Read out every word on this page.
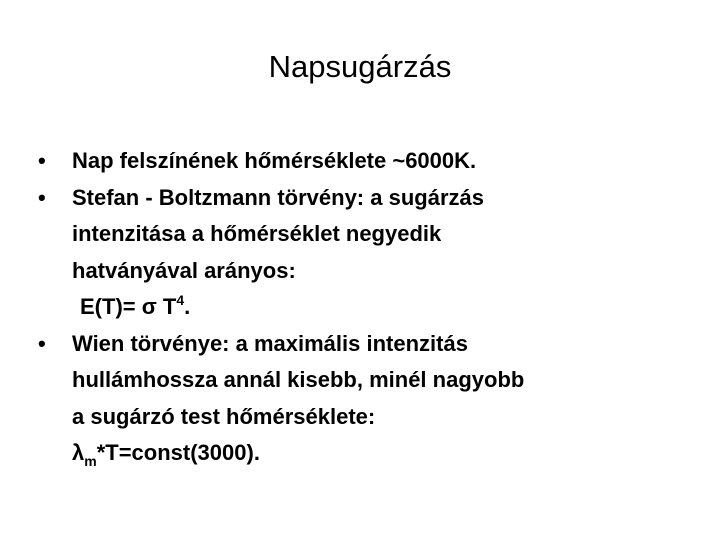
Napsugárzás
•	Nap felszínének hőmérséklete ~6000K.
•	Stefan - Boltzmann törvény: a sugárzás
intenzitása a hőmérséklet negyedik
hatványával arányos:
E(T)= σ $T^4$.
•	Wien törvénye: a maximális intenzitás
hullámhossza annál kisebb, minél nagyobb
a sugárzó test hőmérséklete:
$\lambda_m*T=const(3000)$.
